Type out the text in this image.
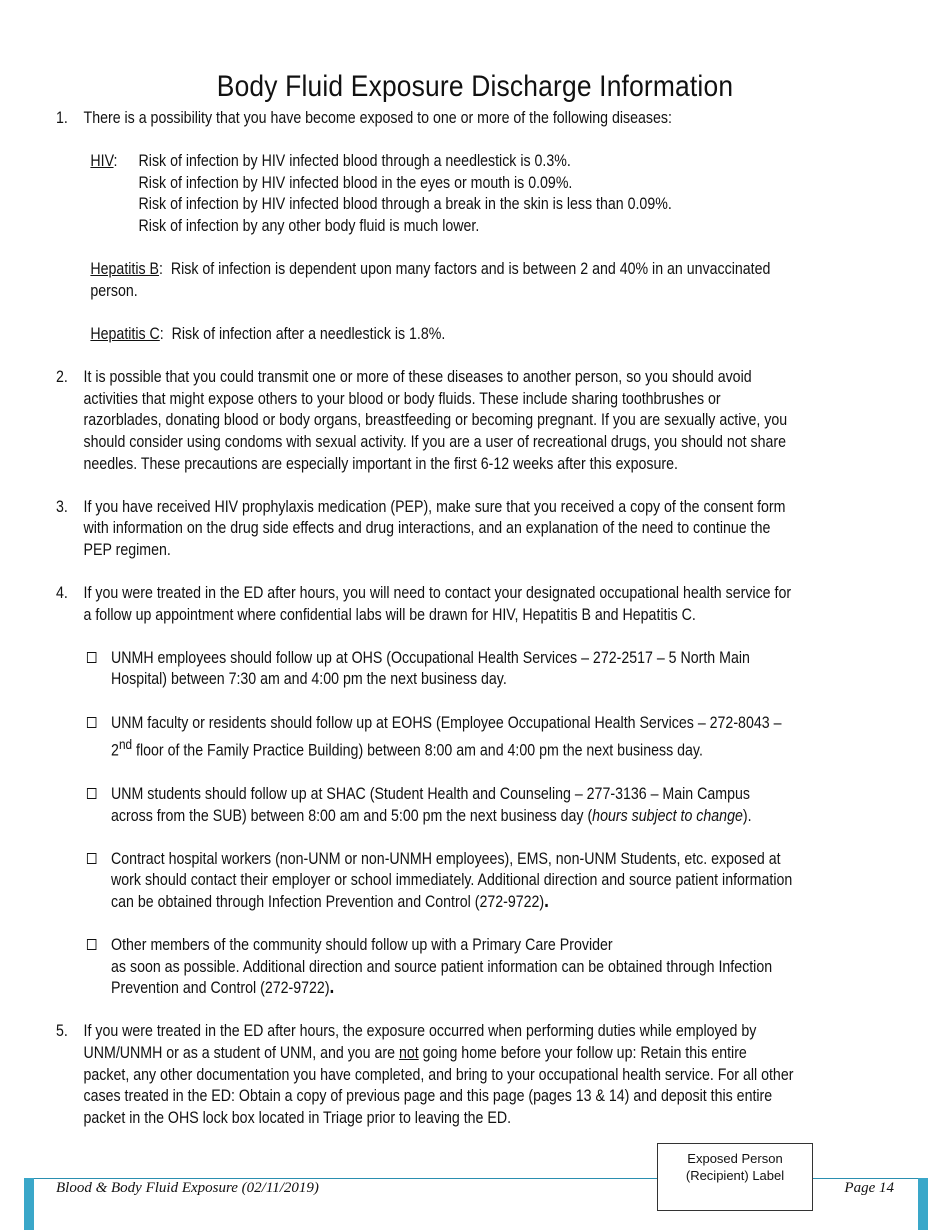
Body Fluid Exposure Discharge Information
1. There is a possibility that you have become exposed to one or more of the following diseases:
HIV:	Risk of infection by HIV infected blood through a needlestick is 0.3%.
Risk of infection by HIV infected blood in the eyes or mouth is 0.09%.
Risk of infection by HIV infected blood through a break in the skin is less than 0.09%.
Risk of infection by any other body fluid is much lower.
Hepatitis B:  Risk of infection is dependent upon many factors and is between 2 and 40% in an unvaccinated person.
Hepatitis C:  Risk of infection after a needlestick is 1.8%.
2. It is possible that you could transmit one or more of these diseases to another person, so you should avoid activities that might expose others to your blood or body fluids. These include sharing toothbrushes or razorblades, donating blood or body organs, breastfeeding or becoming pregnant. If you are sexually active, you should consider using condoms with sexual activity. If you are a user of recreational drugs, you should not share needles. These precautions are especially important in the first 6-12 weeks after this exposure.
3. If you have received HIV prophylaxis medication (PEP), make sure that you received a copy of the consent form with information on the drug side effects and drug interactions, and an explanation of the need to continue the PEP regimen.
4. If you were treated in the ED after hours, you will need to contact your designated occupational health service for a follow up appointment where confidential labs will be drawn for HIV, Hepatitis B and Hepatitis C.
UNMH employees should follow up at OHS (Occupational Health Services – 272-2517 – 5 North Main Hospital) between 7:30 am and 4:00 pm the next business day.
UNM faculty or residents should follow up at EOHS (Employee Occupational Health Services – 272-8043 – 2nd floor of the Family Practice Building) between 8:00 am and 4:00 pm the next business day.
UNM students should follow up at SHAC (Student Health and Counseling – 277-3136 – Main Campus across from the SUB) between 8:00 am and 5:00 pm the next business day (hours subject to change).
Contract hospital workers (non-UNM or non-UNMH employees), EMS, non-UNM Students, etc. exposed at work should contact their employer or school immediately. Additional direction and source patient information can be obtained through Infection Prevention and Control (272-9722).
Other members of the community should follow up with a Primary Care Provider
as soon as possible. Additional direction and source patient information can be obtained through Infection Prevention and Control (272-9722).
5. If you were treated in the ED after hours, the exposure occurred when performing duties while employed by UNM/UNMH or as a student of UNM, and you are not going home before your follow up: Retain this entire packet, any other documentation you have completed, and bring to your occupational health service. For all other cases treated in the ED: Obtain a copy of previous page and this page (pages 13 & 14) and deposit this entire packet in the OHS lock box located in Triage prior to leaving the ED.
Blood & Body Fluid Exposure (02/11/2019)	Page 14
Exposed Person
(Recipient) Label
